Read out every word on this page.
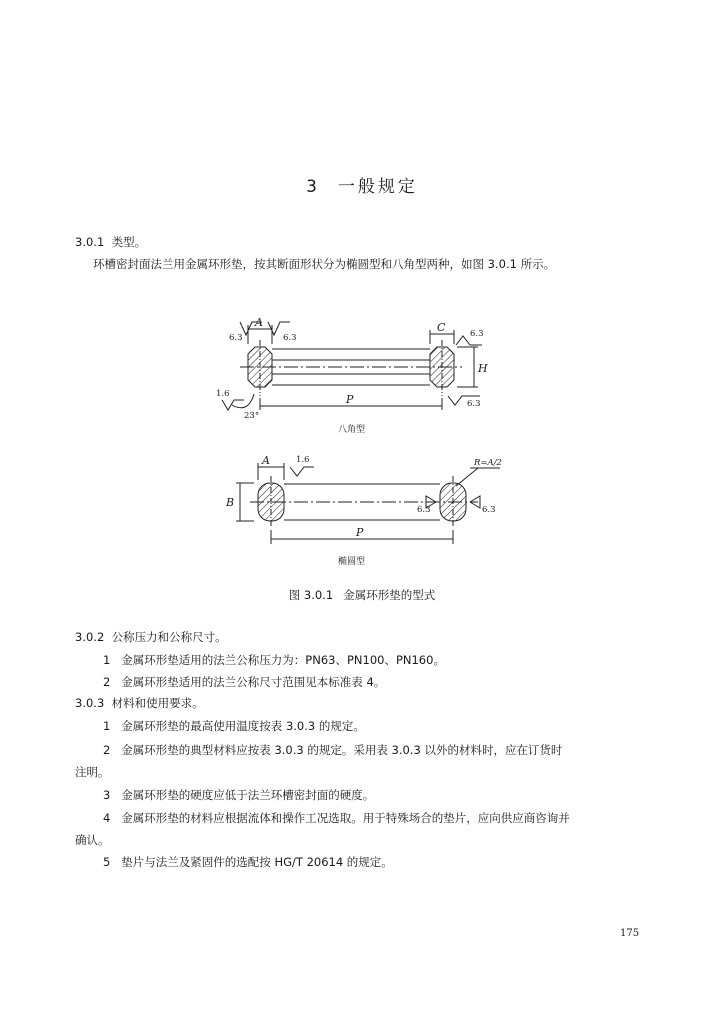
3 一般规定
3.0.1 类型。
环槽密封面法兰用金属环形垫，按其断面形状分为椭圆型和八角型两种，如图 3.0.1 所示。
A	C
H
P
A
B
P
6.3	6.3	6.3
6.3
1.6
23°
1.6	R=A/2
6.3	6.3
八角型
椭圆型
图 3.0.1 金属环形垫的型式
3.0.2 公称压力和公称尺寸。
1 金属环形垫适用的法兰公称压力为：PN63、PN100、PN160。
2 金属环形垫适用的法兰公称尺寸范围见本标准表 4。
3.0.3 材料和使用要求。
1 金属环形垫的最高使用温度按表 3.0.3 的规定。
2 金属环形垫的典型材料应按表 3.0.3 的规定。采用表 3.0.3 以外的材料时，应在订货时
注明。
3 金属环形垫的硬度应低于法兰环槽密封面的硬度。
4 金属环形垫的材料应根据流体和操作工况选取。用于特殊场合的垫片，应向供应商咨询并
确认。
5 垫片与法兰及紧固件的选配按 HG/T 20614 的规定。
175
